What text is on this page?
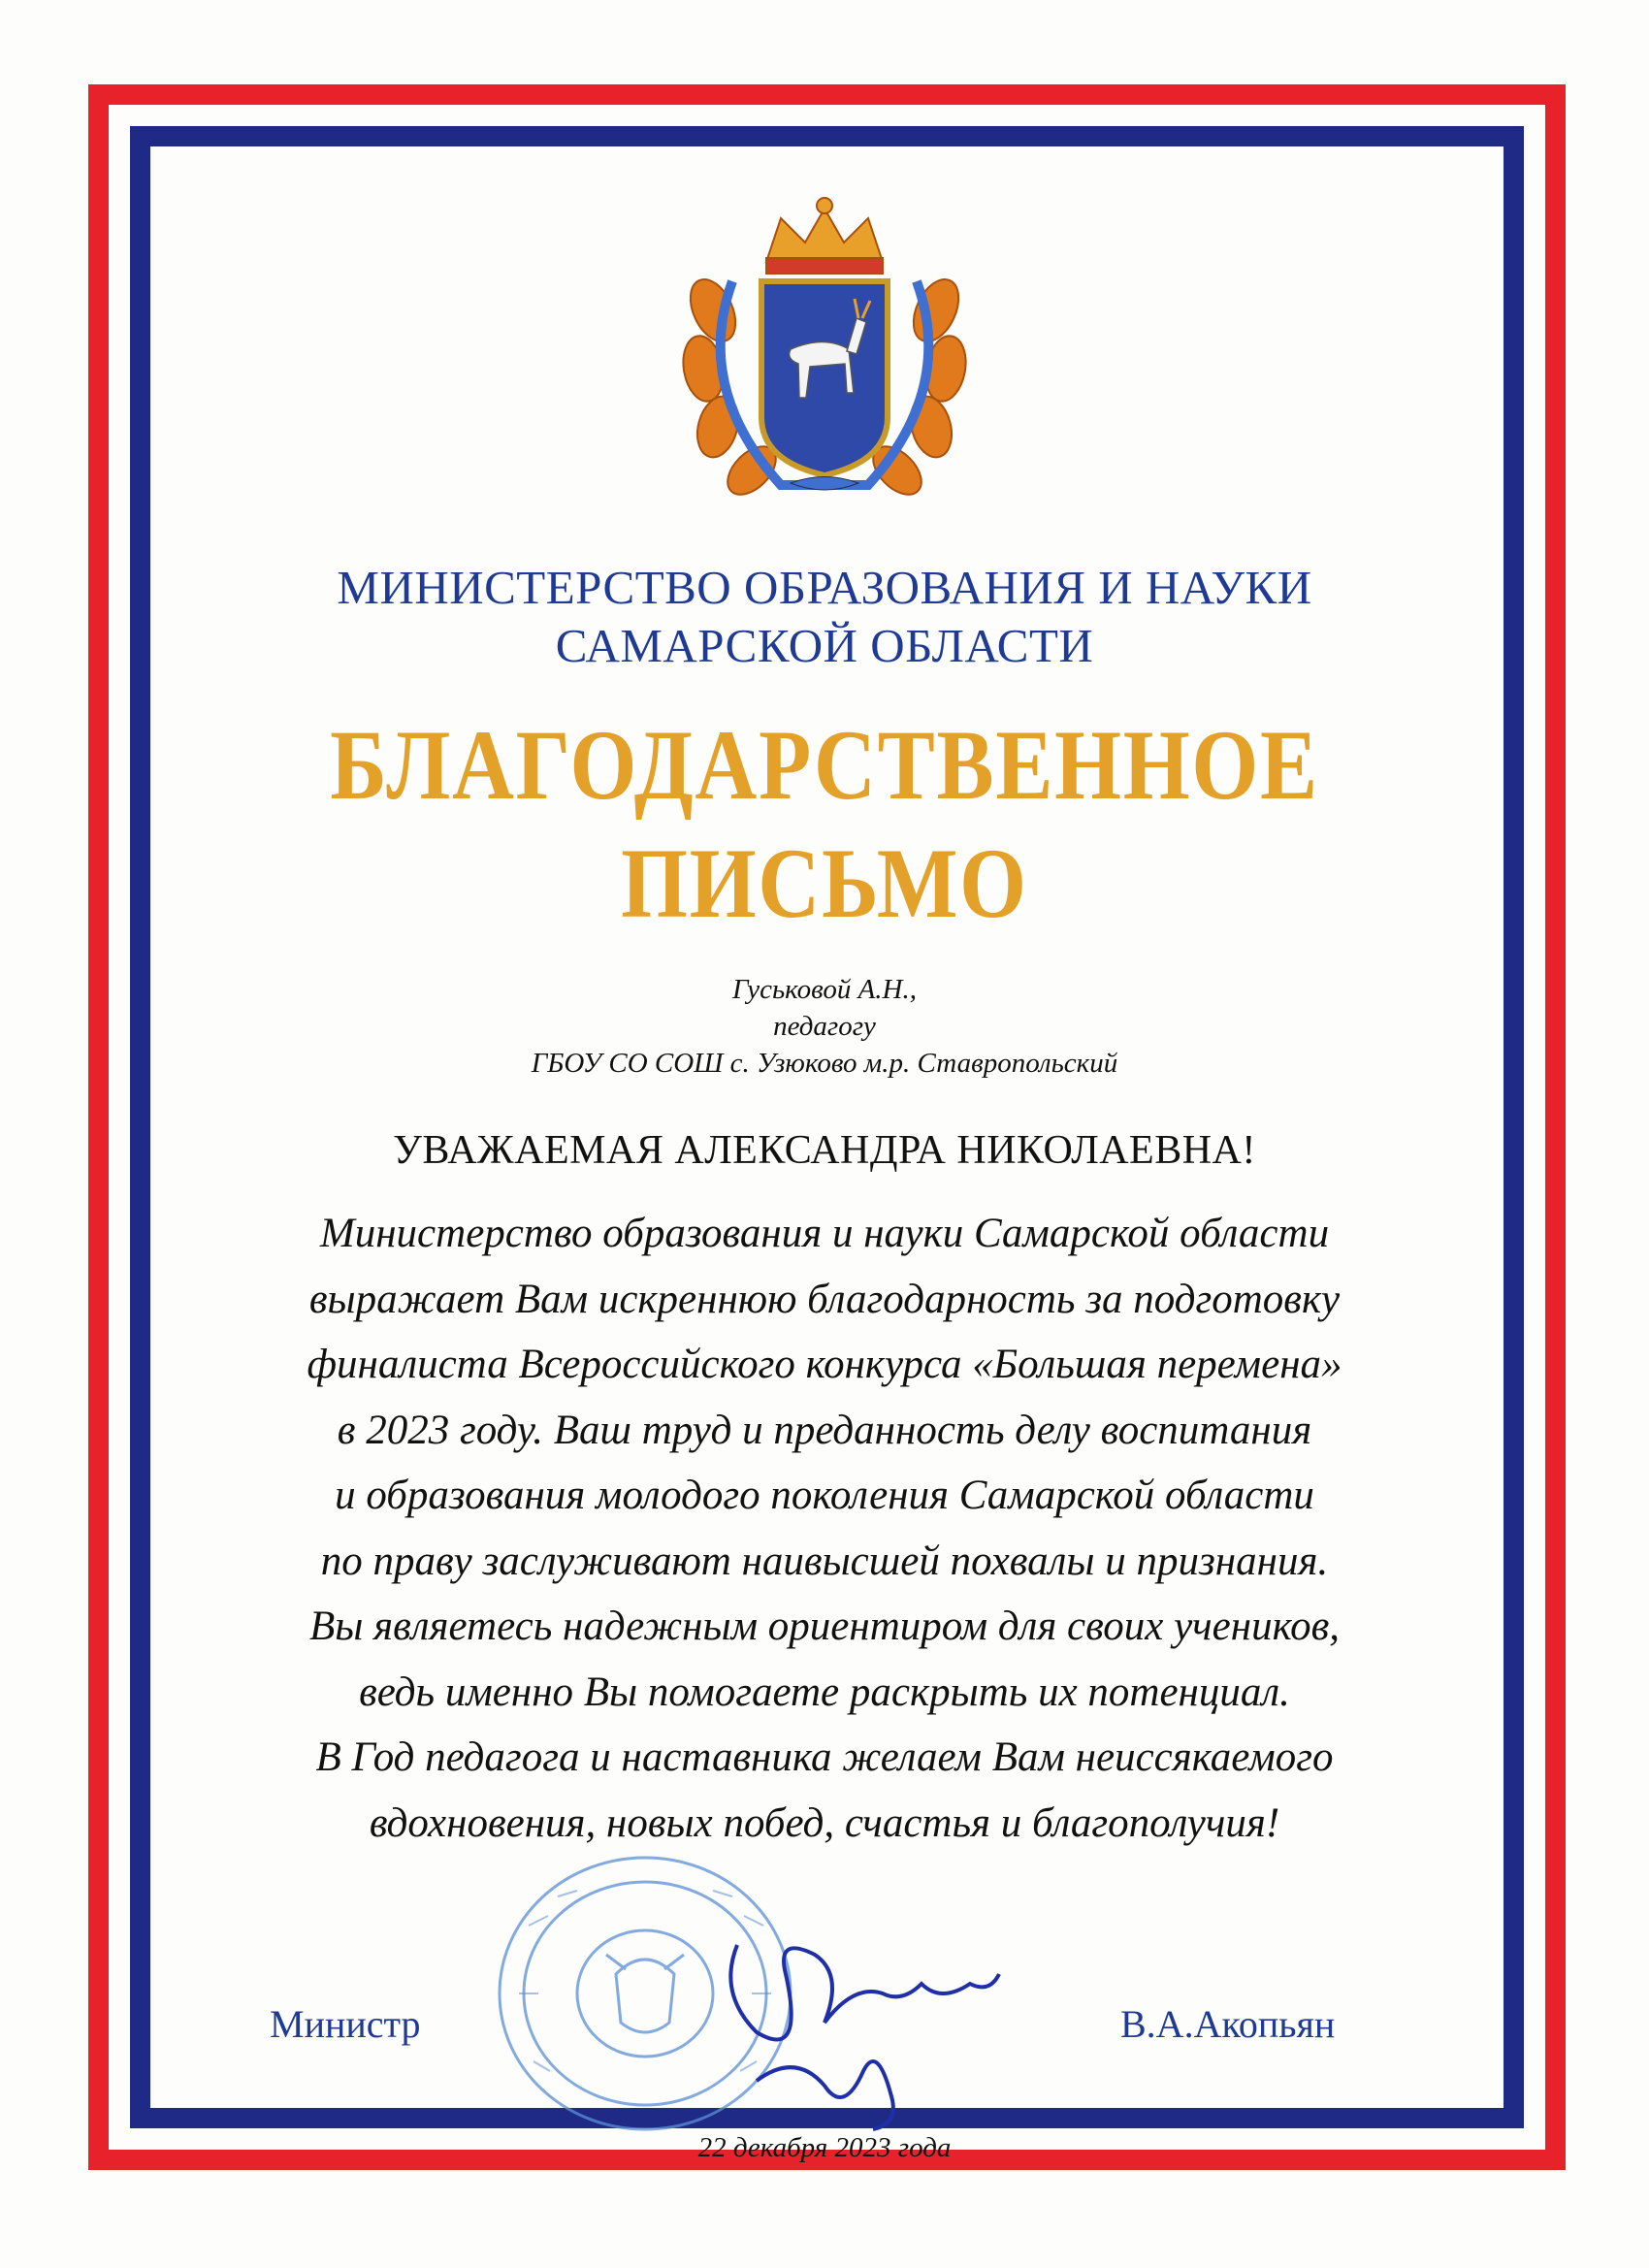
МИНИСТЕРСТВО ОБРАЗОВАНИЯ И НАУКИ
САМАРСКОЙ ОБЛАСТИ
БЛАГОДАРСТВЕННОЕ
ПИСЬМО
Гуськовой А.Н.,
педагогу
ГБОУ СО СОШ с. Узюково м.р. Ставропольский
УВАЖАЕМАЯ АЛЕКСАНДРА НИКОЛАЕВНА!
Министерство образования и науки Самарской области
выражает Вам искреннюю благодарность за подготовку
финалиста Всероссийского конкурса «Большая перемена»
в 2023 году. Ваш труд и преданность делу воспитания
и образования молодого поколения Самарской области
по праву заслуживают наивысшей похвалы и признания.
Вы являетесь надежным ориентиром для своих учеников,
ведь именно Вы помогаете раскрыть их потенциал.
В Год педагога и наставника желаем Вам неиссякаемого
вдохновения, новых побед, счастья и благополучия!
Министр	В.А.Акопьян
22 декабря 2023 года
